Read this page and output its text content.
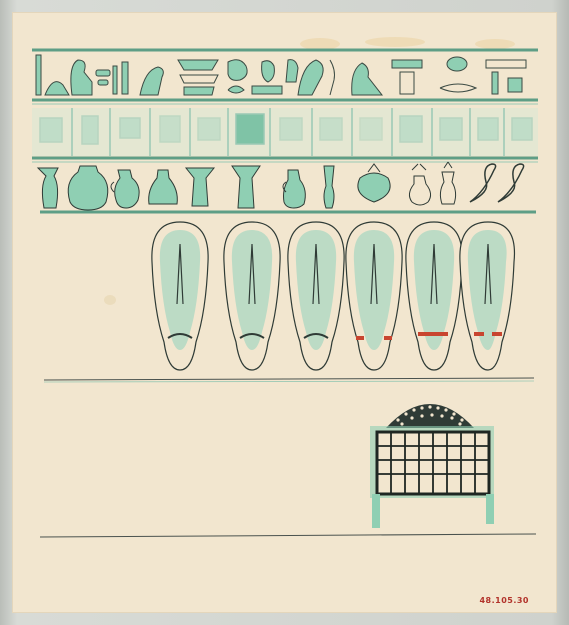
48.105.30
